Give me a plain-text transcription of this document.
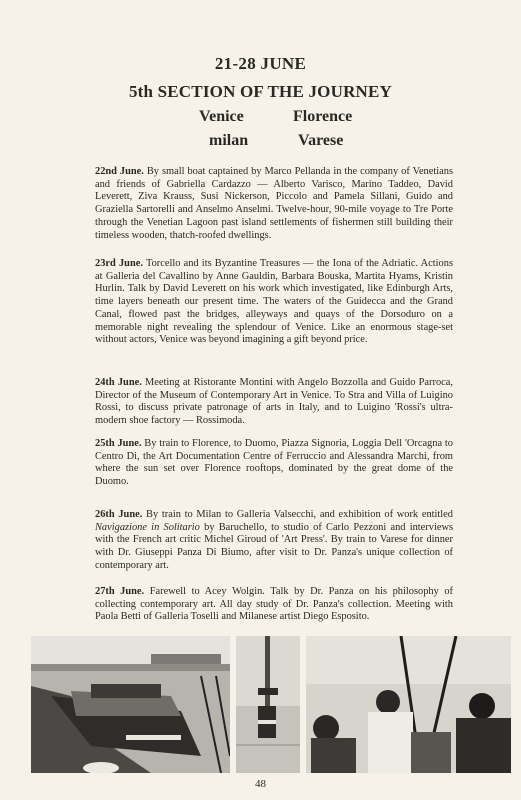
21-28 JUNE
5th SECTION OF THE JOURNEY
Venice	Florence
milan	Varese
22nd June. By small boat captained by Marco Pellanda in the company of Venetians and friends of Gabriella Cardazzo — Alberto Varisco, Marino Taddeo, David Leverett, Ziva Krauss, Susi Nickerson, Piccolo and Pamela Sillani, Guido and Graziella Sartorelli and Anselmo Anselmi. Twelve-hour, 90-mile voyage to Tre Porte through the Venetian Lagoon past island settlements of fishermen still building their timeless wooden, thatch-roofed dwellings.
23rd June. Torcello and its Byzantine Treasures — the Iona of the Adriatic. Actions at Galleria del Cavallino by Anne Gauldin, Barbara Bouska, Martita Hyams, Kristin Hurlin. Talk by David Leverett on his work which investigated, like Edinburgh Arts, time layers beneath our present time. The waters of the Guidecca and the Grand Canal, flowed past the bridges, alleyways and quays of the Dorsoduro on a memorable night revealing the splendour of Venice. Like an enormous stage-set without actors, Venice was beyond imagining a gift beyond price.
24th June. Meeting at Ristorante Montini with Angelo Bozzolla and Guido Parroca, Director of the Museum of Contemporary Art in Venice. To Stra and Villa of Luigino Rossi, to discuss private patronage of arts in Italy, and to Luigino 'Rossi's ultra-modern shoe factory — Rossimoda.
25th June. By train to Florence, to Duomo, Piazza Signoria, Loggia Dell 'Orcagna to Centro Di, the Art Documentation Centre of Ferruccio and Alessandra Marchi, from where the sun set over Florence rooftops, dominated by the great dome of the Duomo.
26th June. By train to Milan to Galleria Valsecchi, and exhibition of work entitled Navigazione in Solitario by Baruchello, to studio of Carlo Pezzoni and interviews with the French art critic Michel Giroud of 'Art Press'. By train to Varese for dinner with Dr. Giuseppi Panza Di Biumo, after visit to Dr. Panza's unique collection of contemporary art.
27th June. Farewell to Acey Wolgin. Talk by Dr. Panza on his philosophy of collecting contemporary art. All day study of Dr. Panza's collection. Meeting with Paola Betti of Galleria Toselli and Milanese artist Diego Esposito.
48
